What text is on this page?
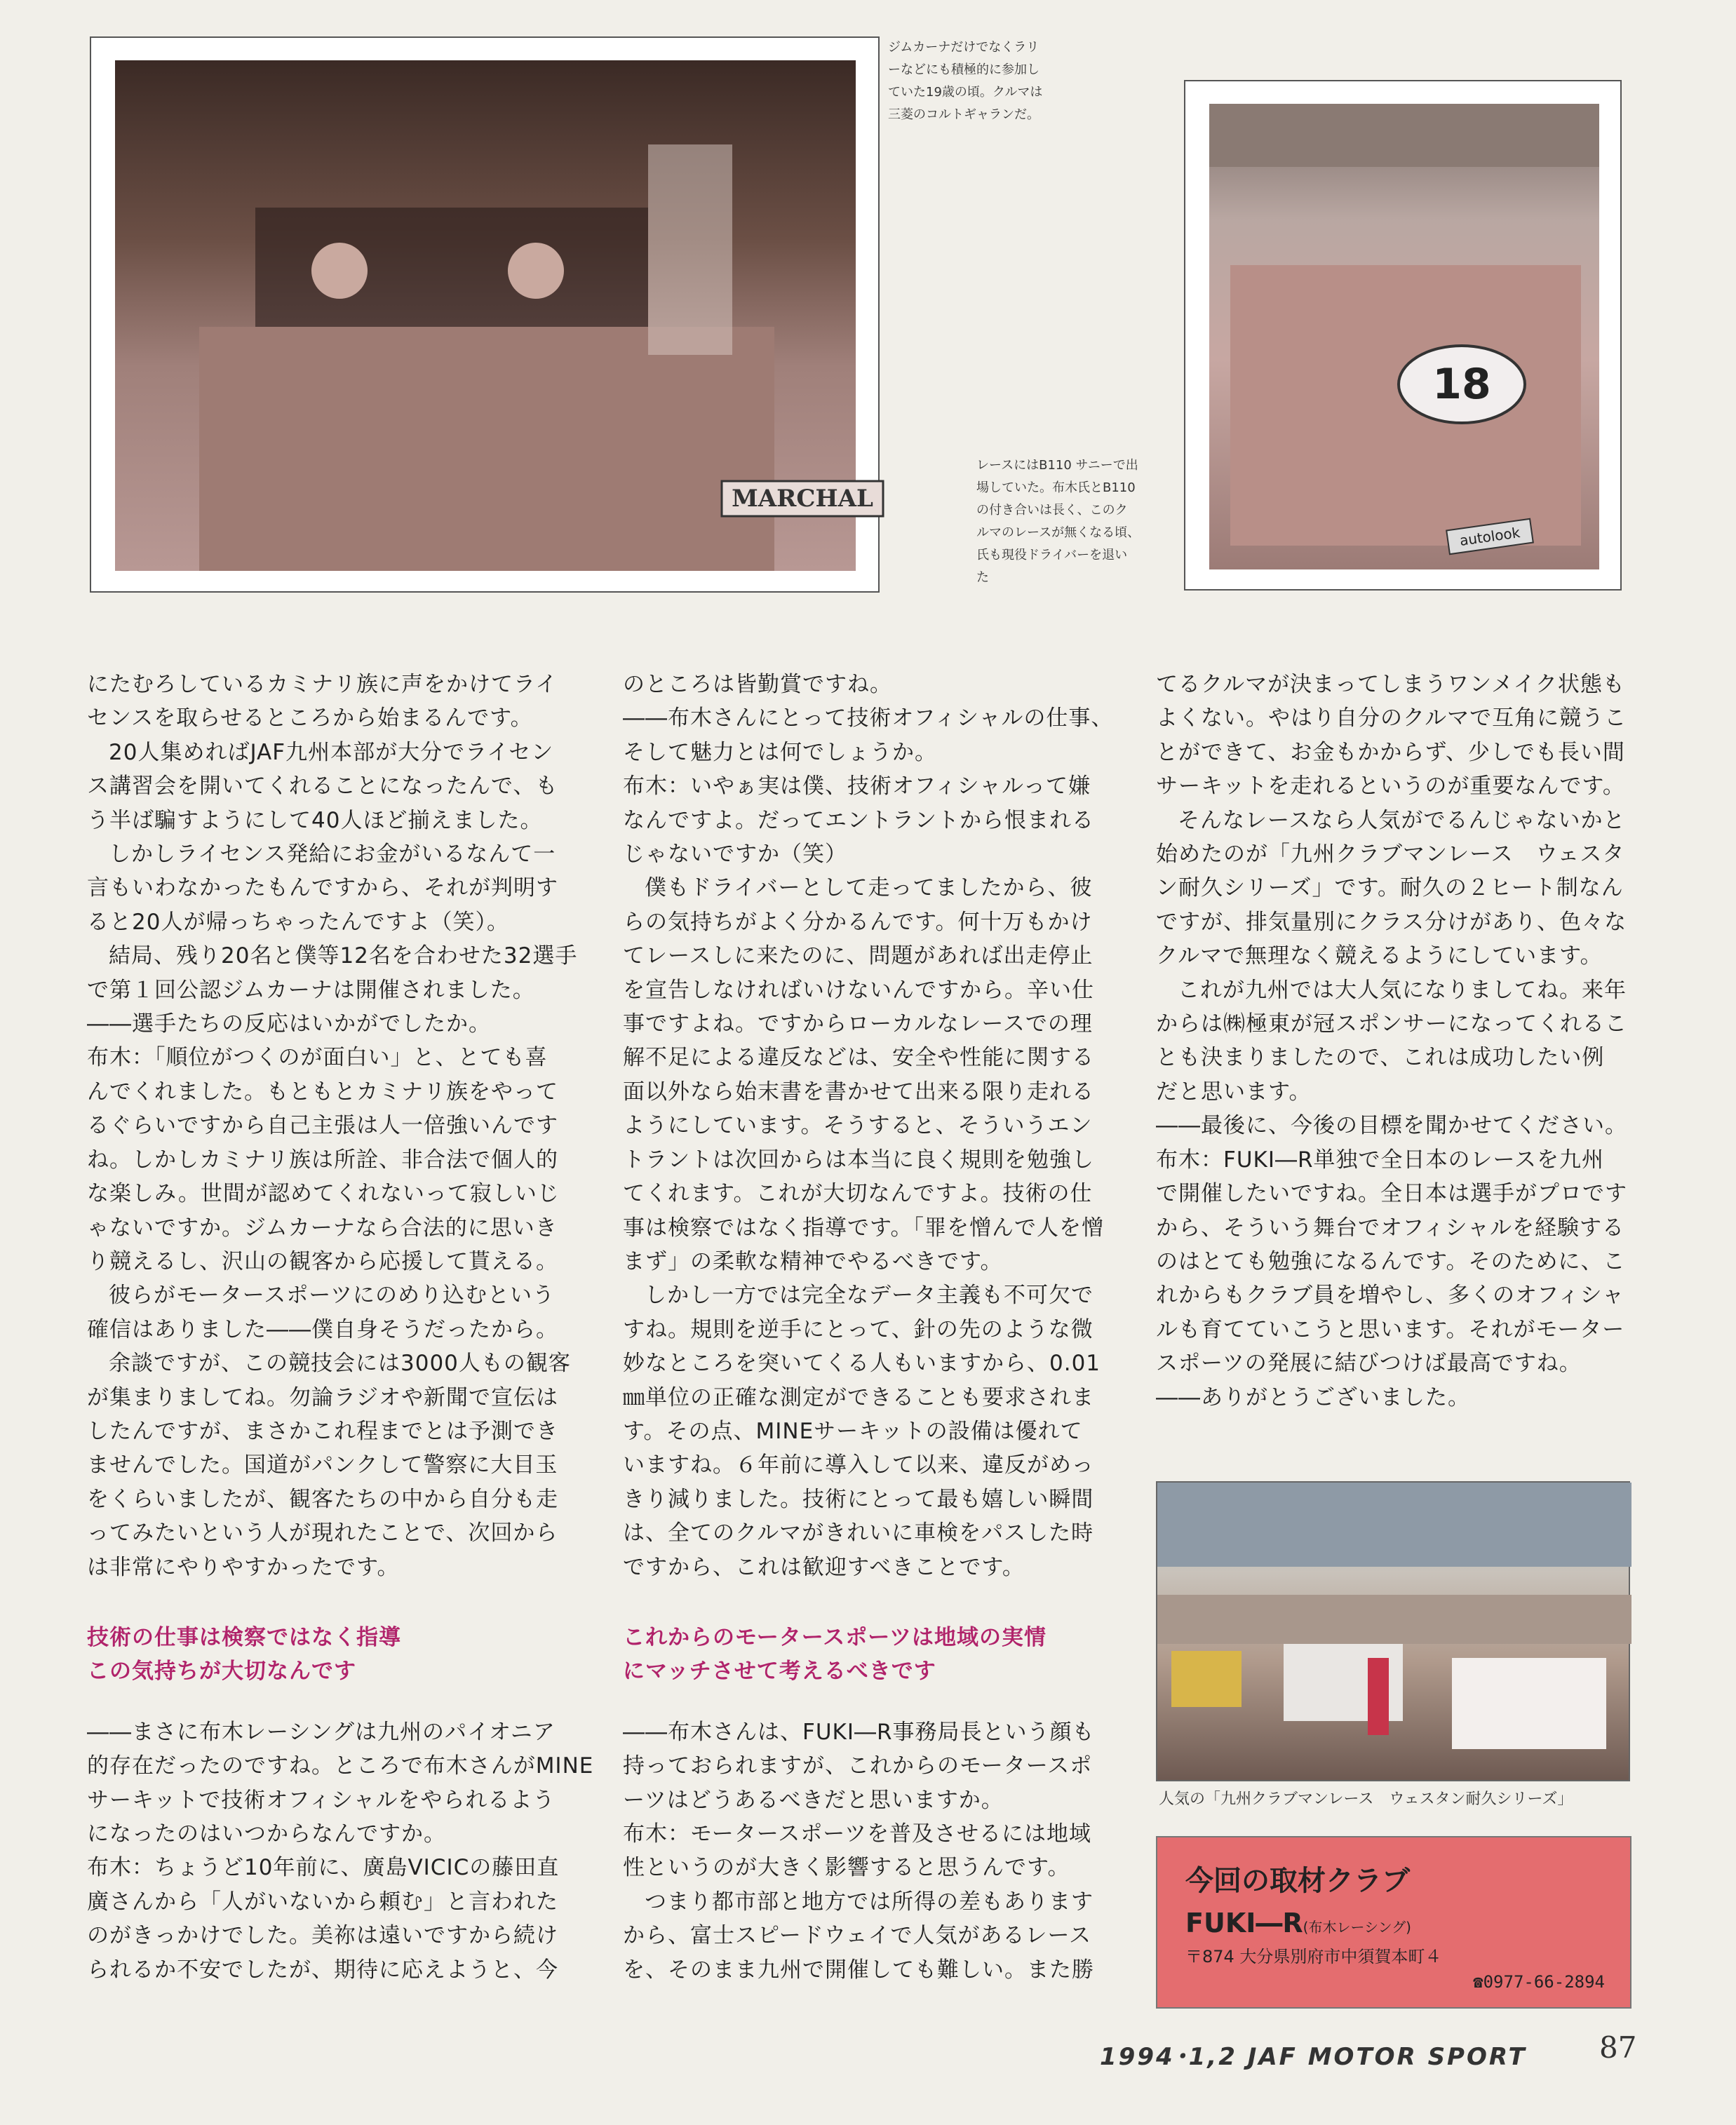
MARCHAL
ジムカーナだけでなくラリ
ーなどにも積極的に参加し
ていた19歳の頃。クルマは
三菱のコルトギャランだ。
18
autolook
レースにはB110 サニーで出
場していた。布木氏とB110
の付き合いは長く、このク
ルマのレースが無くなる頃、
氏も現役ドライバーを退い
た

にたむろしているカミナリ族に声をかけてライ

センスを取らせるところから始まるんです。

20人集めればJAF九州本部が大分でライセン

ス講習会を開いてくれることになったんで、も

う半ば騙すようにして40人ほど揃えました。

しかしライセンス発給にお金がいるなんて一

言もいわなかったもんですから、それが判明す

ると20人が帰っちゃったんですよ（笑）。

結局、残り20名と僕等12名を合わせた32選手

で第１回公認ジムカーナは開催されました。

――選手たちの反応はいかがでしたか。

布木：「順位がつくのが面白い」と、とても喜

んでくれました。もともとカミナリ族をやって

るぐらいですから自己主張は人一倍強いんです

ね。しかしカミナリ族は所詮、非合法で個人的

な楽しみ。世間が認めてくれないって寂しいじ

ゃないですか。ジムカーナなら合法的に思いき

り競えるし、沢山の観客から応援して貰える。

彼らがモータースポーツにのめり込むという

確信はありました――僕自身そうだったから。

余談ですが、この競技会には3000人もの観客

が集まりましてね。勿論ラジオや新聞で宣伝は

したんですが、まさかこれ程までとは予測でき

ませんでした。国道がパンクして警察に大目玉

をくらいましたが、観客たちの中から自分も走

ってみたいという人が現れたことで、次回から

は非常にやりやすかったです。

技術の仕事は検察ではなく指導

この気持ちが大切なんです

――まさに布木レーシングは九州のパイオニア

的存在だったのですね。ところで布木さんがMINE

サーキットで技術オフィシャルをやられるよう

になったのはいつからなんですか。

布木：ちょうど10年前に、廣島VICICの藤田直

廣さんから「人がいないから頼む」と言われた

のがきっかけでした。美祢は遠いですから続け

られるか不安でしたが、期待に応えようと、今

のところは皆勤賞ですね。

――布木さんにとって技術オフィシャルの仕事、

そして魅力とは何でしょうか。

布木：いやぁ実は僕、技術オフィシャルって嫌

なんですよ。だってエントラントから恨まれる

じゃないですか（笑）

僕もドライバーとして走ってましたから、彼

らの気持ちがよく分かるんです。何十万もかけ

てレースしに来たのに、問題があれば出走停止

を宣告しなければいけないんですから。辛い仕

事ですよね。ですからローカルなレースでの理

解不足による違反などは、安全や性能に関する

面以外なら始末書を書かせて出来る限り走れる

ようにしています。そうすると、そういうエン

トラントは次回からは本当に良く規則を勉強し

てくれます。これが大切なんですよ。技術の仕

事は検察ではなく指導です。「罪を憎んで人を憎

まず」の柔軟な精神でやるべきです。

しかし一方では完全なデータ主義も不可欠で

すね。規則を逆手にとって、針の先のような微

妙なところを突いてくる人もいますから、0.01

㎜単位の正確な測定ができることも要求されま

す。その点、MINEサーキットの設備は優れて

いますね。６年前に導入して以来、違反がめっ

きり減りました。技術にとって最も嬉しい瞬間

は、全てのクルマがきれいに車検をパスした時

ですから、これは歓迎すべきことです。

これからのモータースポーツは地域の実情

にマッチさせて考えるべきです

――布木さんは、FUKI―R事務局長という顔も

持っておられますが、これからのモータースポ

ーツはどうあるべきだと思いますか。

布木：モータースポーツを普及させるには地域

性というのが大きく影響すると思うんです。

つまり都市部と地方では所得の差もあります

から、富士スピードウェイで人気があるレース

を、そのまま九州で開催しても難しい。また勝

てるクルマが決まってしまうワンメイク状態も

よくない。やはり自分のクルマで互角に競うこ

とができて、お金もかからず、少しでも長い間

サーキットを走れるというのが重要なんです。

そんなレースなら人気がでるんじゃないかと

始めたのが「九州クラブマンレース　ウェスタ

ン耐久シリーズ」です。耐久の２ヒート制なん

ですが、排気量別にクラス分けがあり、色々な

クルマで無理なく競えるようにしています。

これが九州では大人気になりましてね。来年

からは㈱極東が冠スポンサーになってくれるこ

とも決まりましたので、これは成功したい例

だと思います。

――最後に、今後の目標を聞かせてください。

布木：FUKI―R単独で全日本のレースを九州

で開催したいですね。全日本は選手がプロです

から、そういう舞台でオフィシャルを経験する

のはとても勉強になるんです。そのために、こ

れからもクラブ員を増やし、多くのオフィシャ

ルも育てていこうと思います。それがモーター

スポーツの発展に結びつけば最高ですね。

――ありがとうございました。

人気の「九州クラブマンレース　ウェスタン耐久シリーズ」
今回の取材クラブ
FUKI―R(布木レーシング)
〒874 大分県別府市中須賀本町４
☎0977-66-2894
1994･1,2 JAF MOTOR SPORT 87
